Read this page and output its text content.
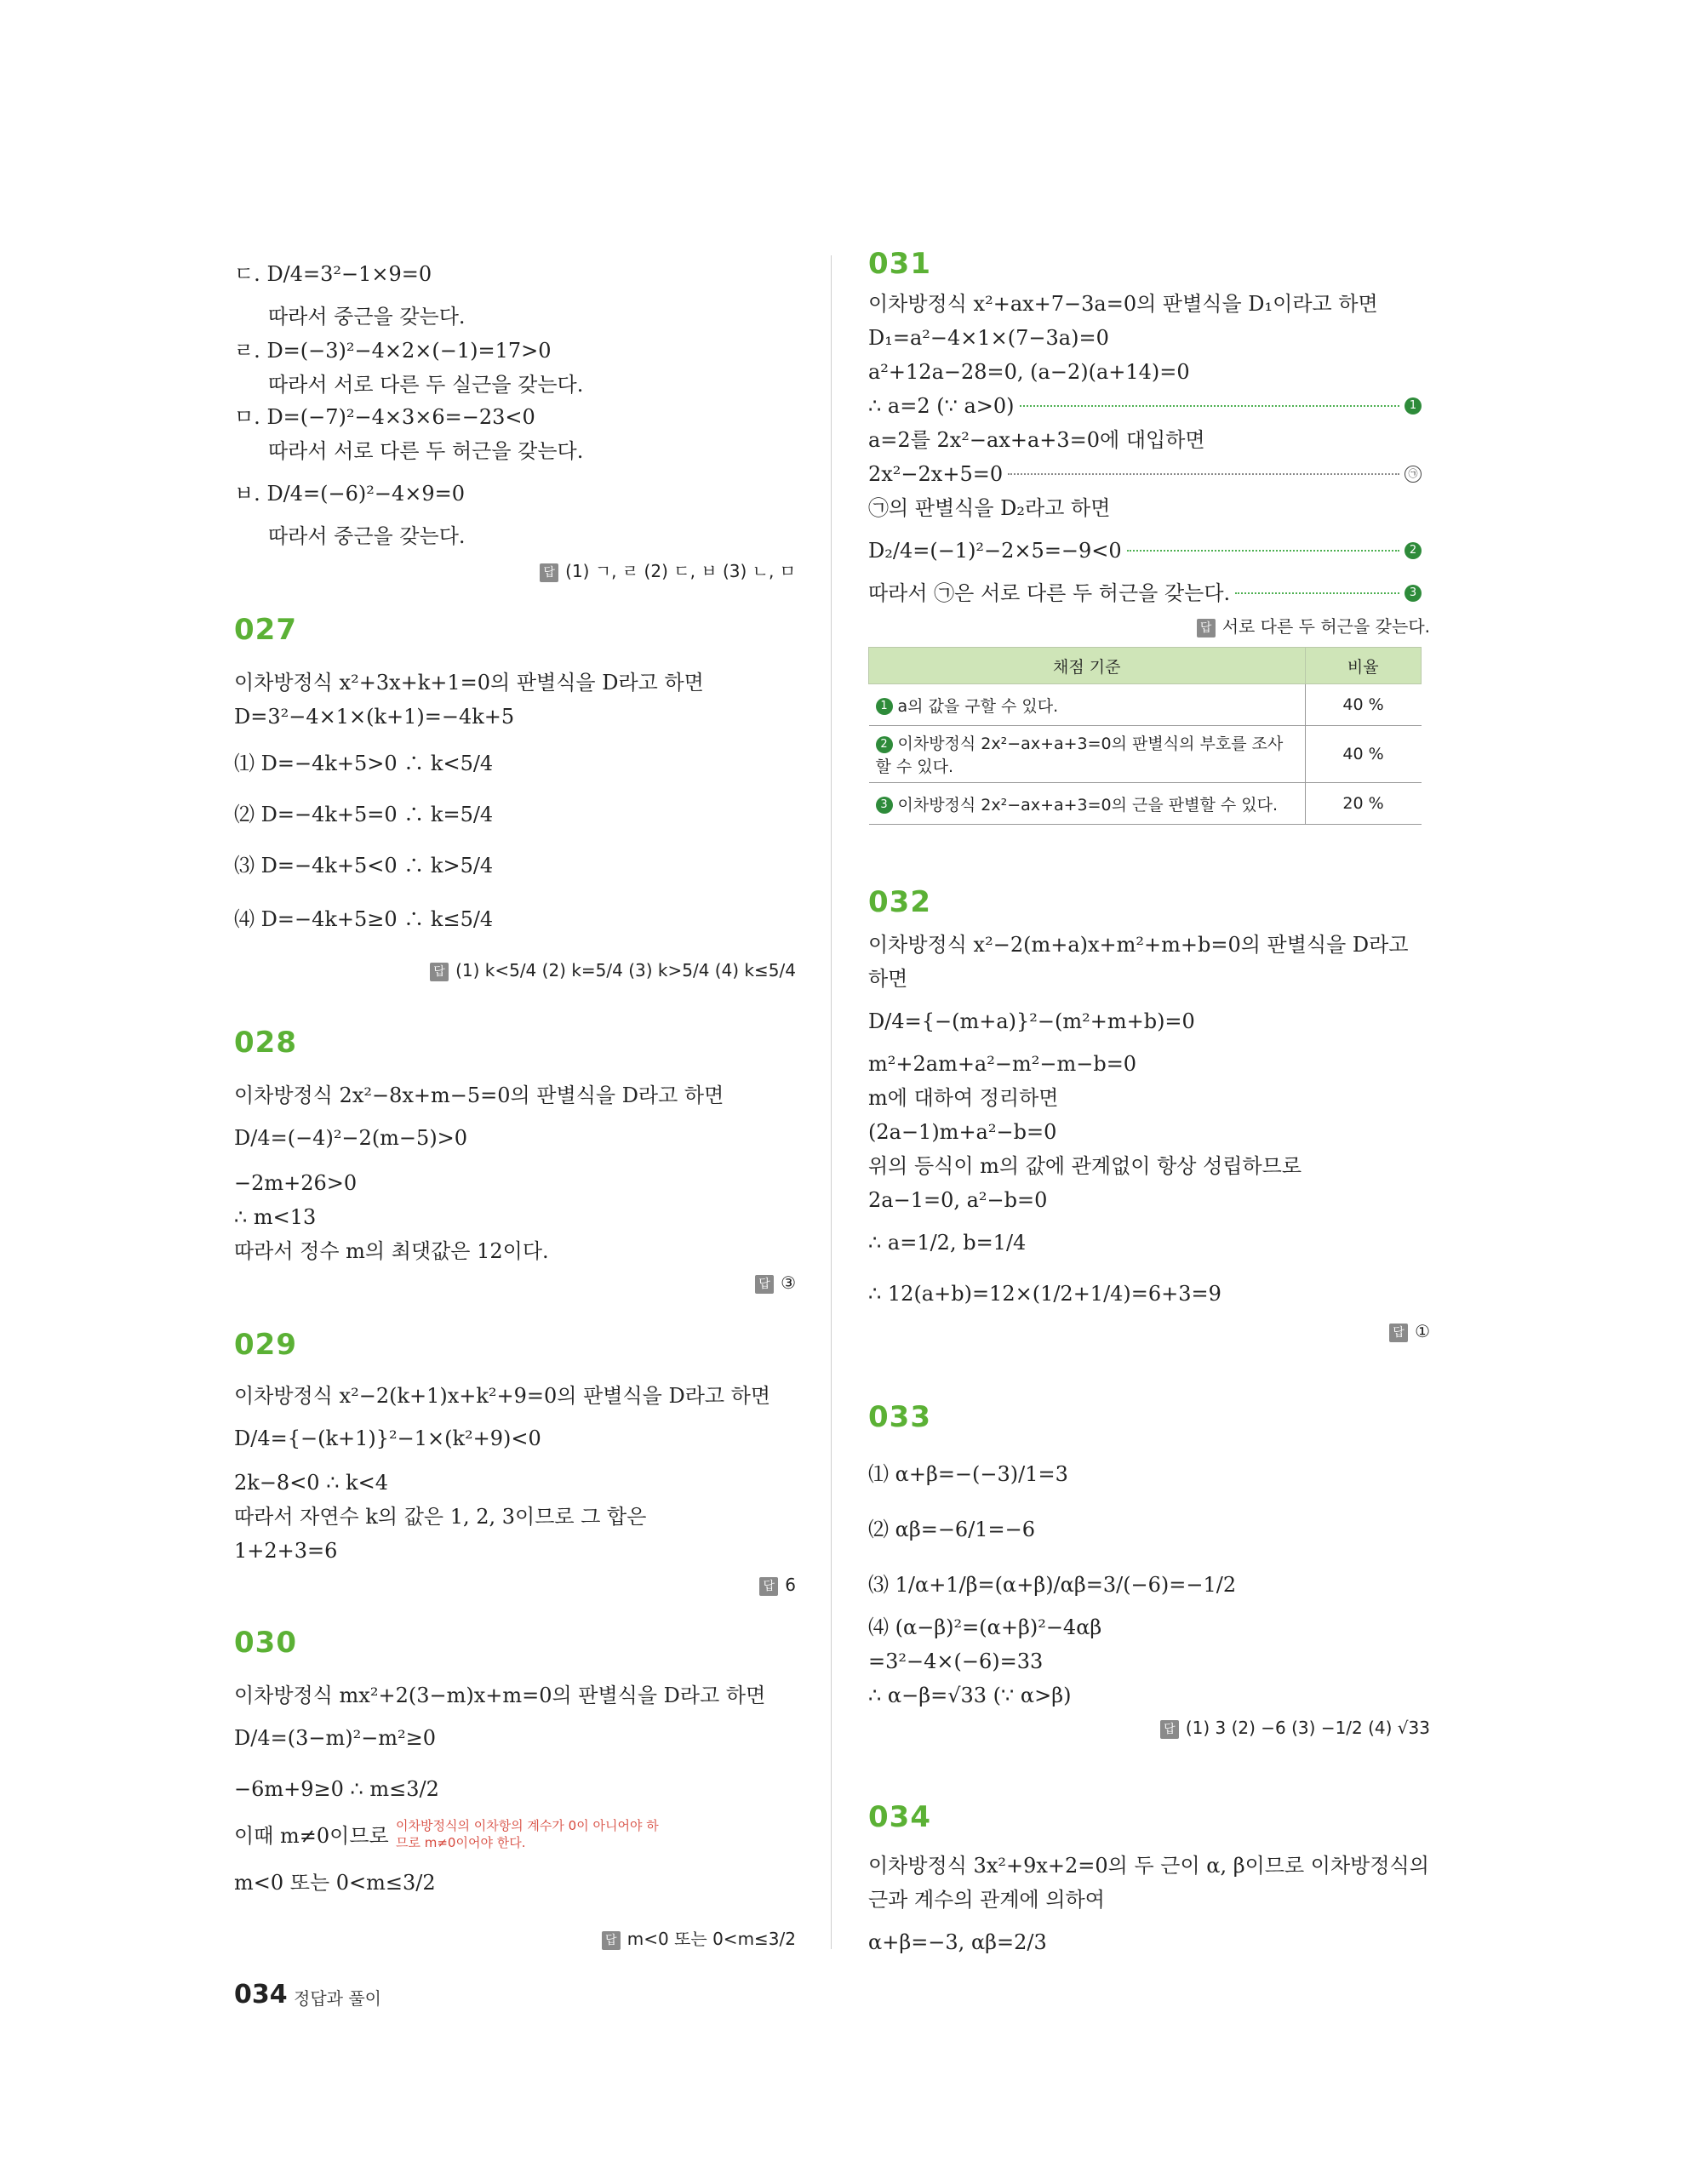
ㄷ. D/4=3²−1×9=0
따라서 중근을 갖는다.
ㄹ. D=(−3)²−4×2×(−1)=17>0
따라서 서로 다른 두 실근을 갖는다.
ㅁ. D=(−7)²−4×3×6=−23<0
따라서 서로 다른 두 허근을 갖는다.
ㅂ. D/4=(−6)²−4×9=0
따라서 중근을 갖는다.
답 (1) ㄱ, ㄹ (2) ㄷ, ㅂ (3) ㄴ, ㅁ
027
이차방정식 x²+3x+k+1=0의 판별식을 D라고 하면
D=3²−4×1×(k+1)=−4k+5
⑴ D=−4k+5>0 ∴ k<5/4
⑵ D=−4k+5=0 ∴ k=5/4
⑶ D=−4k+5<0 ∴ k>5/4
⑷ D=−4k+5≥0 ∴ k≤5/4
답 (1) k<5/4 (2) k=5/4 (3) k>5/4 (4) k≤5/4
028
이차방정식 2x²−8x+m−5=0의 판별식을 D라고 하면
D/4=(−4)²−2(m−5)>0
−2m+26>0
∴ m<13
따라서 정수 m의 최댓값은 12이다.
답 ③
029
이차방정식 x²−2(k+1)x+k²+9=0의 판별식을 D라고 하면
D/4={−(k+1)}²−1×(k²+9)<0
2k−8<0 ∴ k<4
따라서 자연수 k의 값은 1, 2, 3이므로 그 합은
1+2+3=6
답 6
030
이차방정식 mx²+2(3−m)x+m=0의 판별식을 D라고 하면
D/4=(3−m)²−m²≥0
−6m+9≥0 ∴ m≤3/2
이때 m≠0이므로
m<0 또는 0<m≤3/2
이차방정식의 이차항의 계수가 0이 아니어야 하므로 m≠0이어야 한다.
답 m<0 또는 0<m≤3/2
031
이차방정식 x²+ax+7−3a=0의 판별식을 D₁이라고 하면
D₁=a²−4×1×(7−3a)=0
a²+12a−28=0, (a−2)(a+14)=0
∴ a=2 (∵ a>0)	1
a=2를 2x²−ax+a+3=0에 대입하면
2x²−2x+5=0	㉠
㉠의 판별식을 D₂라고 하면
D₂/4=(−1)²−2×5=−9<0	2
따라서 ㉠은 서로 다른 두 허근을 갖는다.	3
답 서로 다른 두 허근을 갖는다.
채점 기준	비율
1 a의 값을 구할 수 있다.	40 %
2 이차방정식 2x²−ax+a+3=0의 판별식의 부호를 조사할 수 있다.	40 %
3 이차방정식 2x²−ax+a+3=0의 근을 판별할 수 있다.	20 %
032
이차방정식 x²−2(m+a)x+m²+m+b=0의 판별식을 D라고
하면
D/4={−(m+a)}²−(m²+m+b)=0
m²+2am+a²−m²−m−b=0
m에 대하여 정리하면
(2a−1)m+a²−b=0
위의 등식이 m의 값에 관계없이 항상 성립하므로
2a−1=0, a²−b=0
∴ a=1/2, b=1/4
∴ 12(a+b)=12×(1/2+1/4)=6+3=9
답 ①
033
⑴ α+β=−(−3)/1=3
⑵ αβ=−6/1=−6
⑶ 1/α+1/β=(α+β)/αβ=3/(−6)=−1/2
⑷ (α−β)²=(α+β)²−4αβ
=3²−4×(−6)=33
∴ α−β=√33 (∵ α>β)
답 (1) 3 (2) −6 (3) −1/2 (4) √33
034
이차방정식 3x²+9x+2=0의 두 근이 α, β이므로 이차방정식의
근과 계수의 관계에 의하여
α+β=−3, αβ=2/3
034 정답과 풀이
